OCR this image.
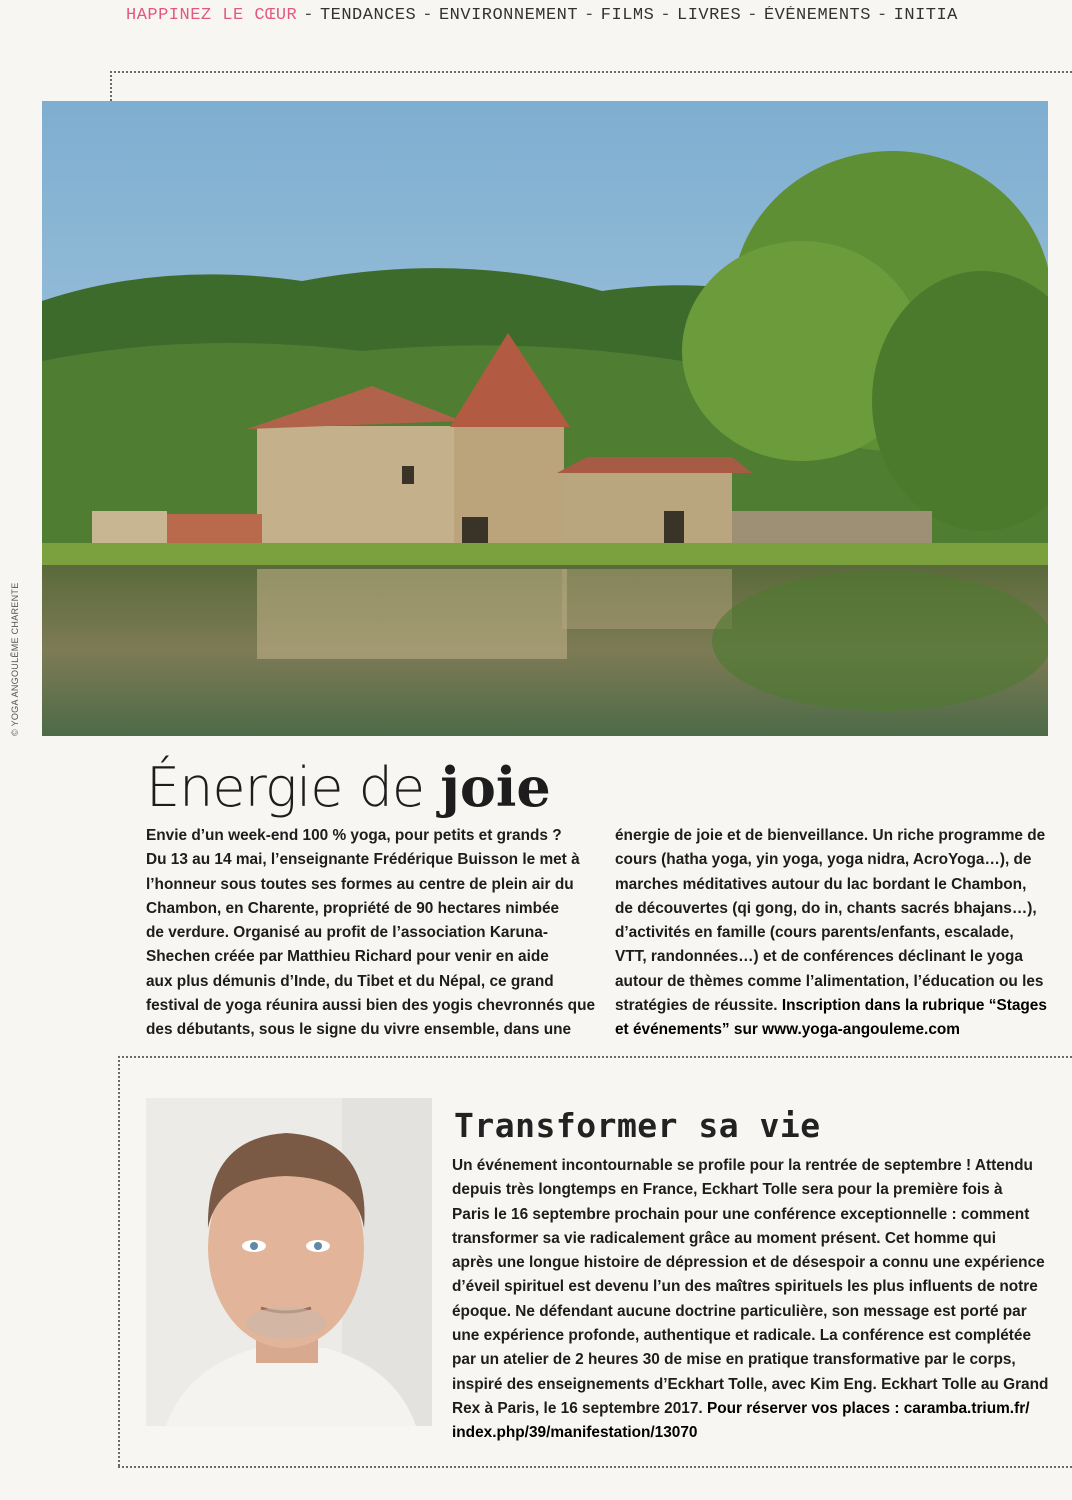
HAPPINEZ LE CŒUR - TENDANCES - ENVIRONNEMENT - FILMS - LIVRES - ÉVÉNEMENTS - INITIA
© YOGA ANGOULÊME CHARENTE
Énergie de joie

Envie d’un week-end 100 % yoga, pour petits et grands ?

Du 13 au 14 mai, l’enseignante Frédérique Buisson le met à

l’honneur sous toutes ses formes au centre de plein air du

Chambon, en Charente, propriété de 90 hectares nimbée

de verdure. Organisé au profit de l’association Karuna-

Shechen créée par Matthieu Richard pour venir en aide

aux plus démunis d’Inde, du Tibet et du Népal, ce grand

festival de yoga réunira aussi bien des yogis chevronnés que

des débutants, sous le signe du vivre ensemble, dans une

énergie de joie et de bienveillance. Un riche programme de

cours (hatha yoga, yin yoga, yoga nidra, AcroYoga…), de

marches méditatives autour du lac bordant le Chambon,

de découvertes (qi gong, do in, chants sacrés bhajans…),

d’activités en famille (cours parents/enfants, escalade,

VTT, randonnées…) et de conférences déclinant le yoga

autour de thèmes comme l’alimentation, l’éducation ou les

stratégies de réussite. Inscription dans la rubrique “Stages

et événements” sur www.yoga-angouleme.com

Transformer sa vie

Un événement incontournable se profile pour la rentrée de septembre ! Attendu

depuis très longtemps en France, Eckhart Tolle sera pour la première fois à

Paris le 16 septembre prochain pour une conférence exceptionnelle : comment

transformer sa vie radicalement grâce au moment présent. Cet homme qui

après une longue histoire de dépression et de désespoir a connu une expérience

d’éveil spirituel est devenu l’un des maîtres spirituels les plus influents de notre

époque. Ne défendant aucune doctrine particulière, son message est porté par

une expérience profonde, authentique et radicale. La conférence est complétée

par un atelier de 2 heures 30 de mise en pratique transformative par le corps,

inspiré des enseignements d’Eckhart Tolle, avec Kim Eng. Eckhart Tolle au Grand

Rex à Paris, le 16 septembre 2017. Pour réserver vos places : caramba.trium.fr/

index.php/39/manifestation/13070
